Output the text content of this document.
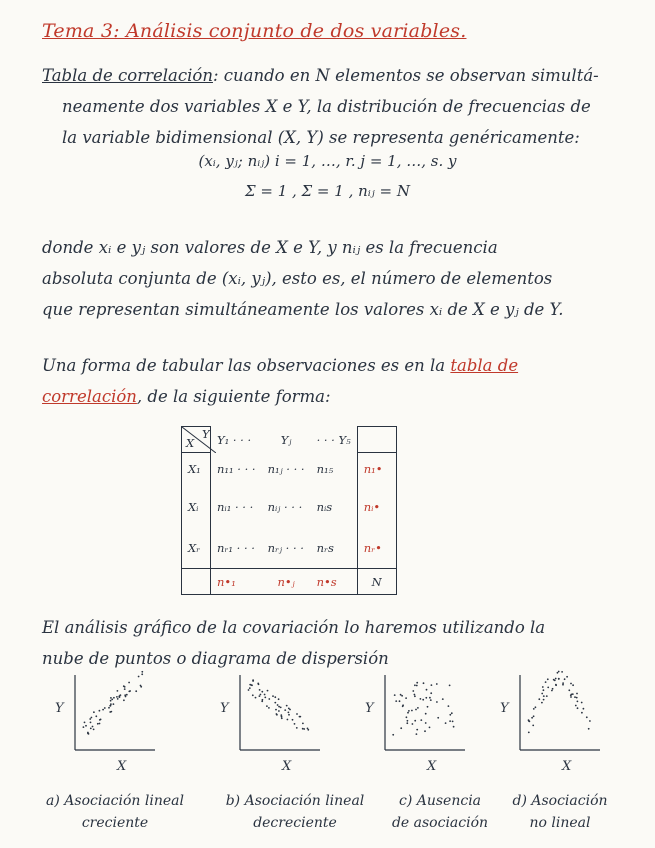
Tema 3: Análisis conjunto de dos variables.
Tabla de correlación: cuando en N elementos se observan simultá-
neamente dos variables X e Y, la distribución de frecuencias de
la variable bidimensional (X, Y) se representa genéricamente:
(xᵢ, yⱼ; nᵢⱼ) i = 1, …, r. j = 1, …, s. y
Σ = 1 , Σ = 1 , nᵢⱼ = N
donde xᵢ e yⱼ son valores de X e Y, y nᵢⱼ es la frecuencia
absoluta conjunta de (xᵢ, yⱼ), esto es, el número de elementos
que representan simultáneamente los valores xᵢ de X e yⱼ de Y.
Una forma de tabular las observaciones es en la tabla de
correlación, de la siguiente forma:
X
Y	Y₁ · · ·	Yⱼ	· · · Y₅	
X₁	n₁₁ · · ·	n₁ⱼ · · ·	n₁₅	n₁•
Xᵢ	nᵢ₁ · · ·	nᵢⱼ · · ·	nᵢs	nᵢ•
Xᵣ	nᵣ₁ · · ·	nᵣⱼ · · ·	nᵣs	nᵣ•
	n•₁	n•ⱼ	n•s	N
El análisis gráfico de la covariación lo haremos utilizando la
nube de puntos o diagrama de dispersión
Y
X
Y
X
Y
X
Y
X
a) Asociación lineal
creciente
b) Asociación lineal
decreciente
c) Ausencia
de asociación
d) Asociación
no lineal
